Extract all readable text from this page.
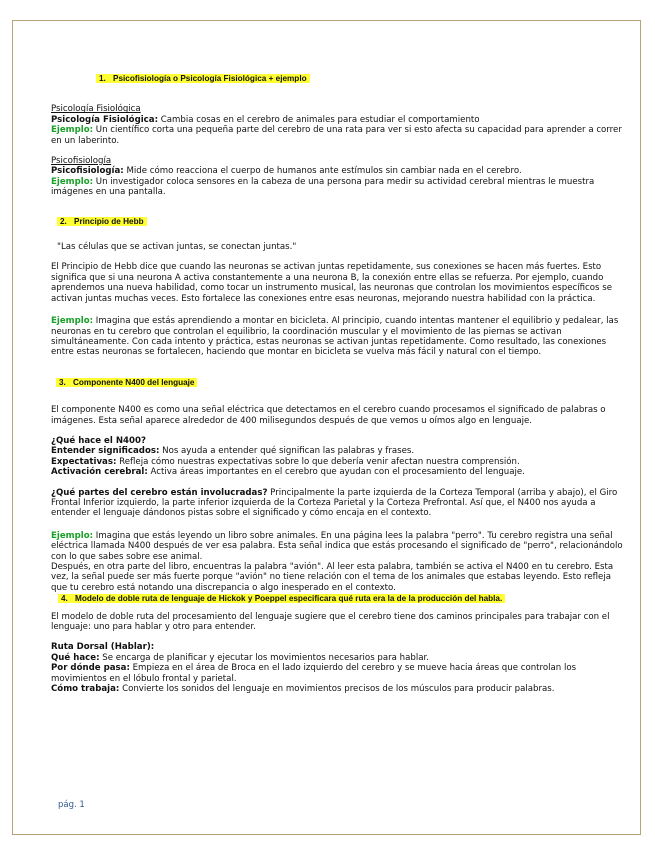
1. Psicofisiología o Psicología Fisiológica + ejemplo

Psicología Fisiológica

Psicología Fisiológica: Cambia cosas en el cerebro de animales para estudiar el comportamiento

Ejemplo: Un científico corta una pequeña parte del cerebro de una rata para ver si esto afecta su capacidad para aprender a correr en un laberinto.

Psicofisiología

Psicofisiología: Mide cómo reacciona el cuerpo de humanos ante estímulos sin cambiar nada en el cerebro.

Ejemplo: Un investigador coloca sensores en la cabeza de una persona para medir su actividad cerebral mientras le muestra imágenes en una pantalla.

2. Principio de Hebb

"Las células que se activan juntas, se conectan juntas."

El Principio de Hebb dice que cuando las neuronas se activan juntas repetidamente, sus conexiones se hacen más fuertes. Esto significa que si una neurona A activa constantemente a una neurona B, la conexión entre ellas se refuerza. Por ejemplo, cuando aprendemos una nueva habilidad, como tocar un instrumento musical, las neuronas que controlan los movimientos específicos se activan juntas muchas veces. Esto fortalece las conexiones entre esas neuronas, mejorando nuestra habilidad con la práctica.

Ejemplo: Imagina que estás aprendiendo a montar en bicicleta. Al principio, cuando intentas mantener el equilibrio y pedalear, las neuronas en tu cerebro que controlan el equilibrio, la coordinación muscular y el movimiento de las piernas se activan simultáneamente. Con cada intento y práctica, estas neuronas se activan juntas repetidamente. Como resultado, las conexiones entre estas neuronas se fortalecen, haciendo que montar en bicicleta se vuelva más fácil y natural con el tiempo.

3. Componente N400 del lenguaje

El componente N400 es como una señal eléctrica que detectamos en el cerebro cuando procesamos el significado de palabras o imágenes. Esta señal aparece alrededor de 400 milisegundos después de que vemos u oímos algo en lenguaje.

¿Qué hace el N400?

Entender significados: Nos ayuda a entender qué significan las palabras y frases.

Expectativas: Refleja cómo nuestras expectativas sobre lo que debería venir afectan nuestra comprensión.

Activación cerebral: Activa áreas importantes en el cerebro que ayudan con el procesamiento del lenguaje.

¿Qué partes del cerebro están involucradas? Principalmente la parte izquierda de la Corteza Temporal (arriba y abajo), el Giro Frontal Inferior izquierdo, la parte inferior izquierda de la Corteza Parietal y la Corteza Prefrontal. Así que, el N400 nos ayuda a entender el lenguaje dándonos pistas sobre el significado y cómo encaja en el contexto.

Ejemplo: Imagina que estás leyendo un libro sobre animales. En una página lees la palabra "perro". Tu cerebro registra una señal eléctrica llamada N400 después de ver esa palabra. Esta señal indica que estás procesando el significado de "perro", relacionándolo con lo que sabes sobre ese animal.

Después, en otra parte del libro, encuentras la palabra "avión". Al leer esta palabra, también se activa el N400 en tu cerebro. Esta vez, la señal puede ser más fuerte porque "avión" no tiene relación con el tema de los animales que estabas leyendo. Esto refleja que tu cerebro está notando una discrepancia o algo inesperado en el contexto.

4. Modelo de doble ruta de lenguaje de Hickok y Poeppel especificara qué ruta era la de la producción del habla.

El modelo de doble ruta del procesamiento del lenguaje sugiere que el cerebro tiene dos caminos principales para trabajar con el lenguaje: uno para hablar y otro para entender.

Ruta Dorsal (Hablar):

Qué hace: Se encarga de planificar y ejecutar los movimientos necesarios para hablar.

Por dónde pasa: Empieza en el área de Broca en el lado izquierdo del cerebro y se mueve hacia áreas que controlan los movimientos en el lóbulo frontal y parietal.

Cómo trabaja: Convierte los sonidos del lenguaje en movimientos precisos de los músculos para producir palabras.

pág. 1
